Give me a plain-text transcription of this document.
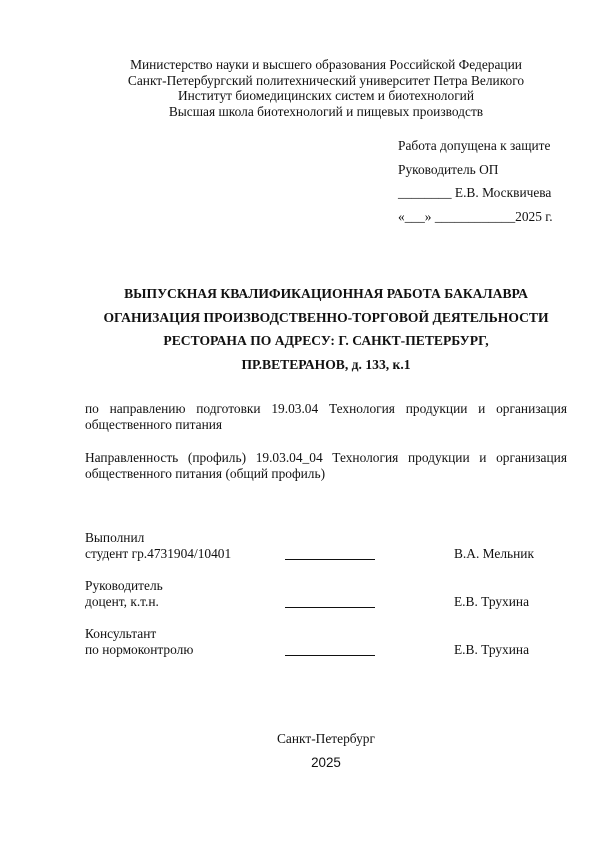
Министерство науки и высшего образования Российской Федерации
Санкт-Петербургский политехнический университет Петра Великого
Институт биомедицинских систем и биотехнологий
Высшая школа биотехнологий и пищевых производств
Работа допущена к защите
Руководитель ОП
________ Е.В. Москвичева
«___» ____________2025 г.
ВЫПУСКНАЯ КВАЛИФИКАЦИОННАЯ РАБОТА БАКАЛАВРА
ОГАНИЗАЦИЯ ПРОИЗВОДСТВЕННО-ТОРГОВОЙ ДЕЯТЕЛЬНОСТИ
РЕСТОРАНА ПО АДРЕСУ: Г. САНКТ-ПЕТЕРБУРГ,
ПР.ВЕТЕРАНОВ, д. 133, к.1
по направлению подготовки 19.03.04 Технология продукции и организация
общественного питания
Направленность (профиль) 19.03.04_04 Технология продукции и организация
общественного питания (общий профиль)
Выполнил
студент гр.4731904/10401	В.А. Мельник
Руководитель
доцент, к.т.н.	Е.В. Трухина
Консультант
по нормоконтролю	Е.В. Трухина
Санкт-Петербург
2025
